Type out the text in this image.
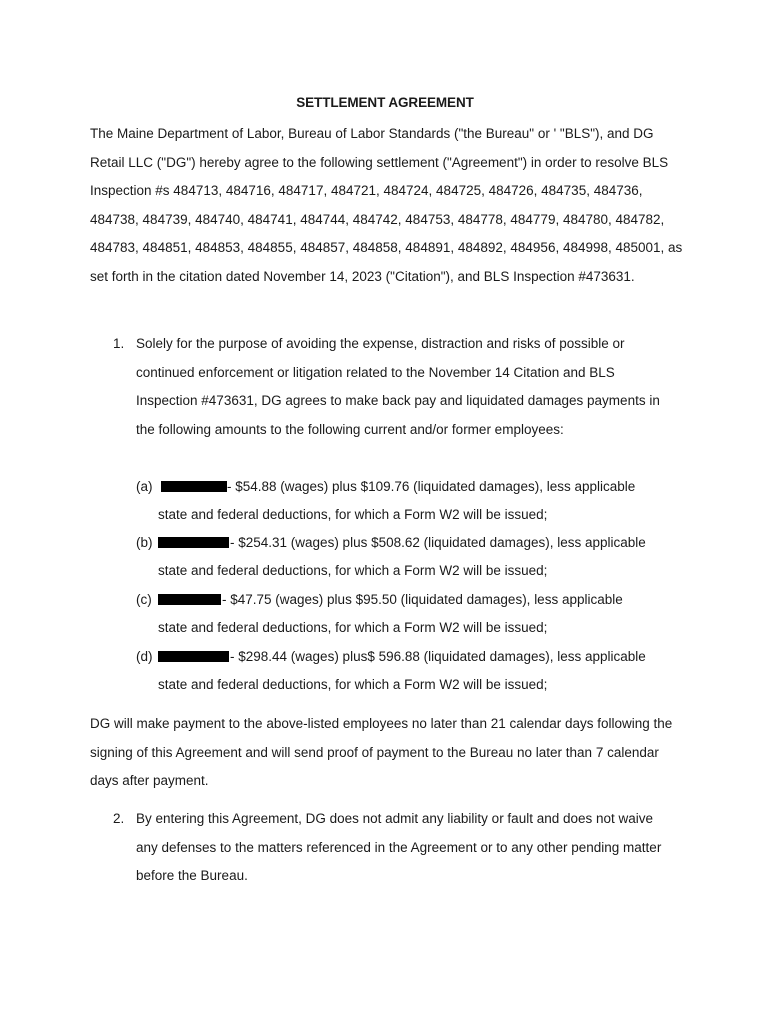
SETTLEMENT AGREEMENT

The Maine Department of Labor, Bureau of Labor Standards ("the Bureau" or ' "BLS"), and DG Retail LLC ("DG") hereby agree to the following settlement ("Agreement") in order to resolve BLS Inspection #s 484713, 484716, 484717, 484721, 484724, 484725, 484726, 484735, 484736, 484738, 484739, 484740, 484741, 484744, 484742, 484753, 484778, 484779, 484780, 484782, 484783, 484851, 484853, 484855, 484857, 484858, 484891, 484892, 484956, 484998, 485001, as set forth in the citation dated November 14, 2023 ("Citation"), and BLS Inspection #473631.

1. Solely for the purpose of avoiding the expense, distraction and risks of possible or continued enforcement or litigation related to the November 14 Citation and BLS Inspection #473631, DG agrees to make back pay and liquidated damages payments in the following amounts to the following current and/or former employees:

(a)	- $54.88 (wages) plus $109.76 (liquidated damages), less applicable
state and federal deductions, for which a Form W2 will be issued;
(b)	- $254.31 (wages) plus $508.62 (liquidated damages), less applicable
state and federal deductions, for which a Form W2 will be issued;
(c)	- $47.75 (wages) plus $95.50 (liquidated damages), less applicable
state and federal deductions, for which a Form W2 will be issued;
(d)	- $298.44 (wages) plus$ 596.88 (liquidated damages), less applicable
state and federal deductions, for which a Form W2 will be issued;

DG will make payment to the above-listed employees no later than 21 calendar days following the signing of this Agreement and will send proof of payment to the Bureau no later than 7 calendar days after payment.

2. By entering this Agreement, DG does not admit any liability or fault and does not waive any defenses to the matters referenced in the Agreement or to any other pending matter before the Bureau.
